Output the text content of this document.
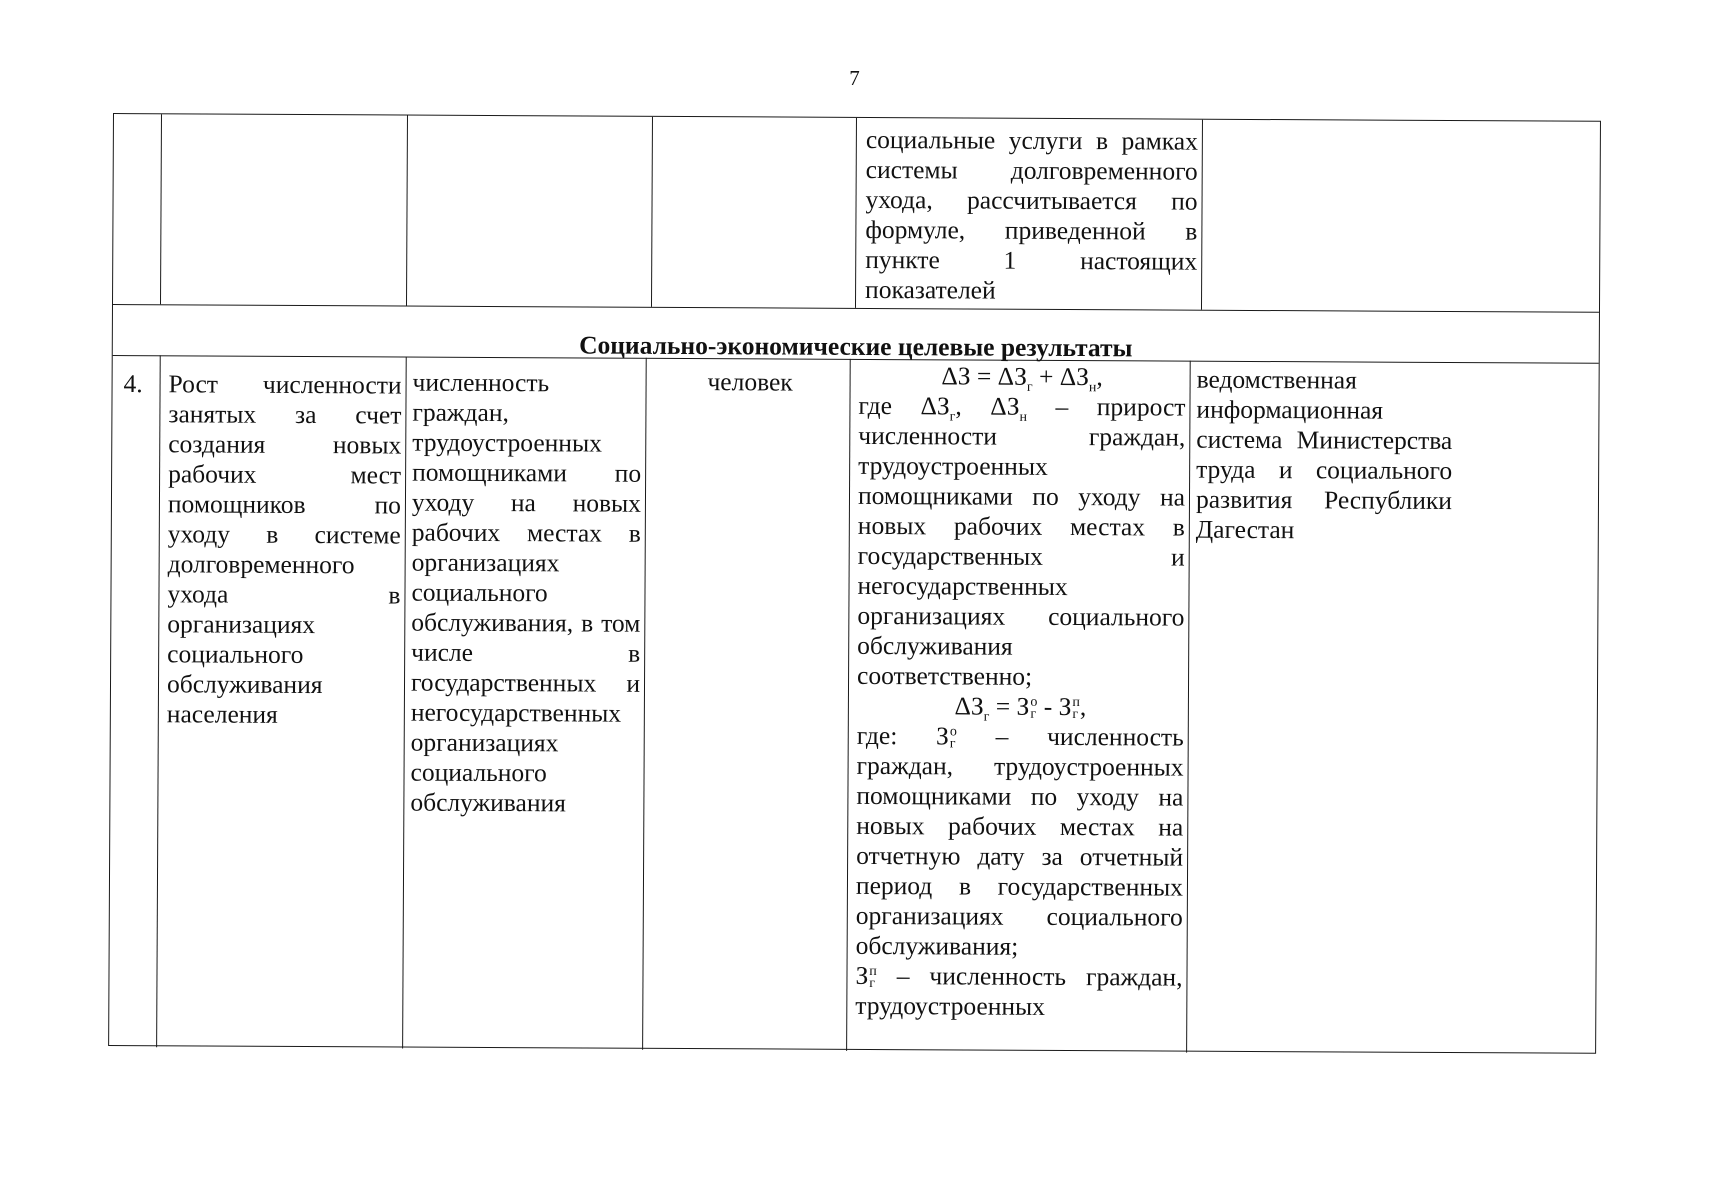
7
социальные услуги в рамках системы долговременного ухода, рассчитывается по формуле, приведенной в пункте 1 настоящих показателей
Социально-экономические целевые результаты
4.	Рост численности занятых за счет создания новых рабочих мест помощников по уходу в системе долговременного ухода в организациях социального обслуживания населения
численность граждан, трудоустроенных помощниками по уходу на новых рабочих местах в организациях социального обслуживания, в том числе в государственных и негосударственных организациях социального обслуживания
человек	$\Delta З = \Delta З_г + \Delta З_н$,
где $\Delta З_г$, $\Delta З_н$ – прирост численности граждан, трудоустроенных помощниками по уходу на новых рабочих местах в государственных и негосударственных организациях социального обслуживания соответственно;
$\Delta З_г = З$ о
г - З п
г ,
где: З о
г – численность граждан, трудоустроенных помощниками по уходу на новых рабочих местах на отчетную дату за отчетный период в государственных организациях социального обслуживания;
З п
г – численность граждан, трудоустроенных
ведомственная информационная система Министерства труда и социального развития Республики Дагестан
